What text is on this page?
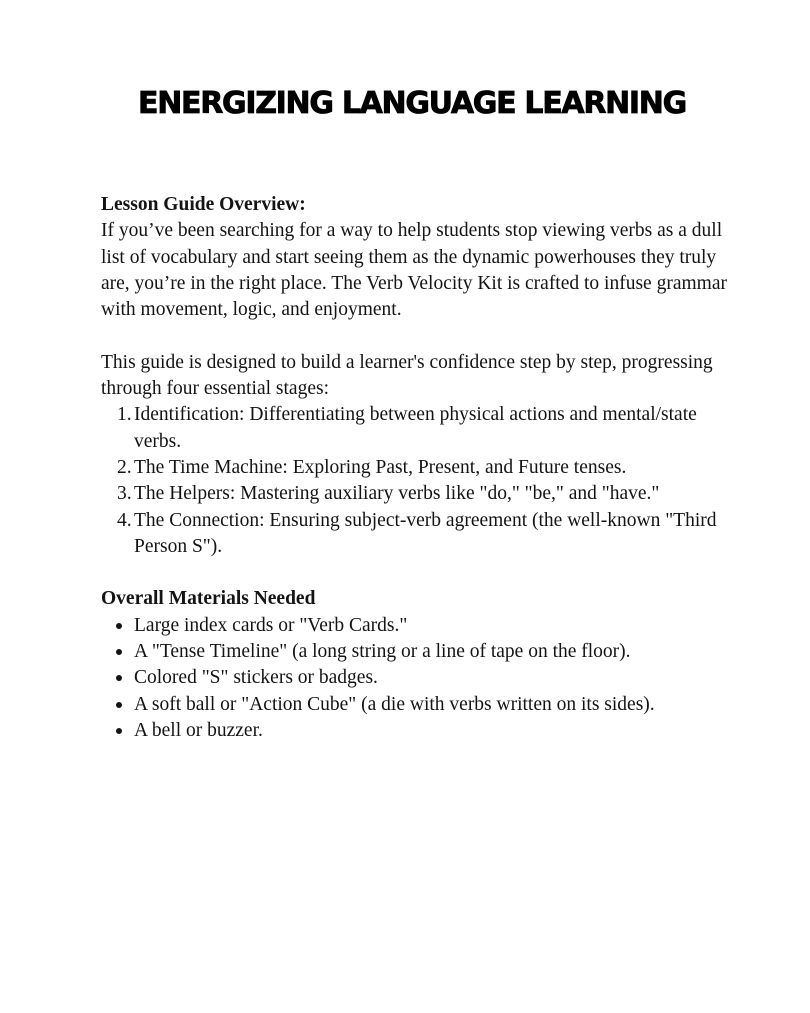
ENERGIZING LANGUAGE LEARNING

Lesson Guide Overview:

If you’ve been searching for a way to help students stop viewing verbs as a dull list of vocabulary and start seeing them as the dynamic powerhouses they truly are, you’re in the right place. The Verb Velocity Kit is crafted to infuse grammar with movement, logic, and enjoyment.

This guide is designed to build a learner's confidence step by step, progressing through four essential stages:

1. Identification: Differentiating between physical actions and mental/state verbs.
2. The Time Machine: Exploring Past, Present, and Future tenses.
3. The Helpers: Mastering auxiliary verbs like "do," "be," and "have."
4. The Connection: Ensuring subject-verb agreement (the well-known "Third Person S").

Overall Materials Needed

Large index cards or "Verb Cards."
A "Tense Timeline" (a long string or a line of tape on the floor).
Colored "S" stickers or badges.
A soft ball or "Action Cube" (a die with verbs written on its sides).
A bell or buzzer.
